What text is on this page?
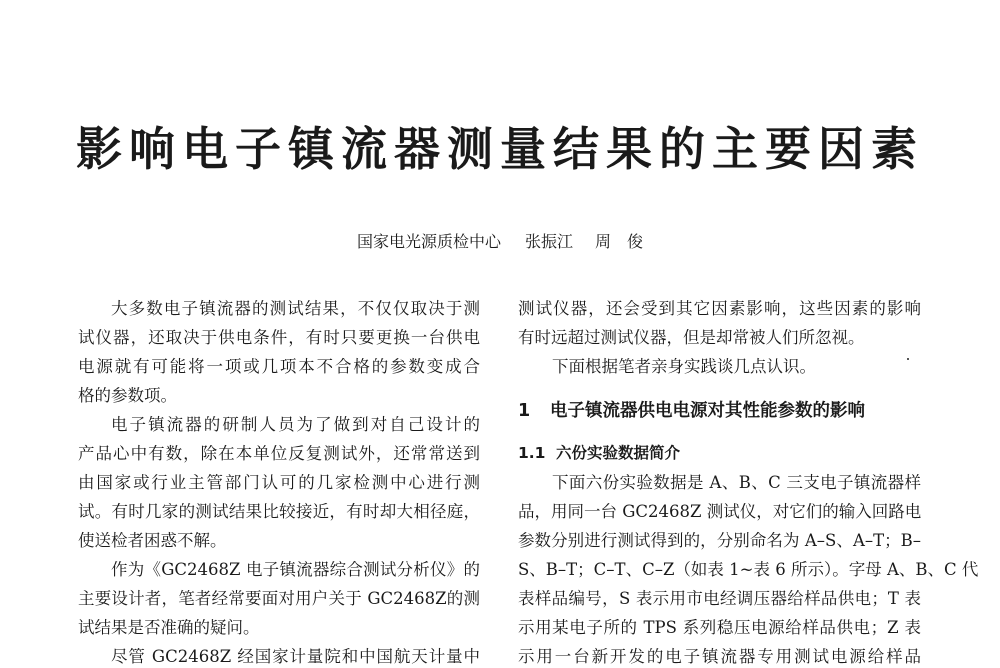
影响电子镇流器测量结果的主要因素
国家电光源质检中心 张振江 周　俊
大多数电子镇流器的测试结果，不仅仅取决于测
试仪器，还取决于供电条件，有时只要更换一台供电
电源就有可能将一项或几项本不合格的参数变成合
格的参数项。
电子镇流器的研制人员为了做到对自己设计的
产品心中有数，除在本单位反复测试外，还常常送到
由国家或行业主管部门认可的几家检测中心进行测
试。有时几家的测试结果比较接近，有时却大相径庭，
使送检者困惑不解。
作为《GC2468Z 电子镇流器综合测试分析仪》的
主要设计者，笔者经常要面对用户关于 GC2468Z的测
试结果是否准确的疑问。
尽管 GC2468Z 经国家计量院和中国航天计量中
测试仪器，还会受到其它因素影响，这些因素的影响
有时远超过测试仪器，但是却常被人们所忽视。
下面根据笔者亲身实践谈几点认识。
1 电子镇流器供电电源对其性能参数的影响
1.1 六份实验数据简介
下面六份实验数据是 A、B、C 三支电子镇流器样
品，用同一台 GC2468Z 测试仪，对它们的输入回路电
参数分别进行测试得到的，分别命名为 A–S、A–T；B–
S、B–T；C–T、C–Z（如表 1~表 6 所示）。字母 A、B、C 代
表样品编号，S 表示用市电经调压器给样品供电；T 表
示用某电子所的 TPS 系列稳压电源给样品供电；Z 表
示用一台新开发的电子镇流器专用测试电源给样品
